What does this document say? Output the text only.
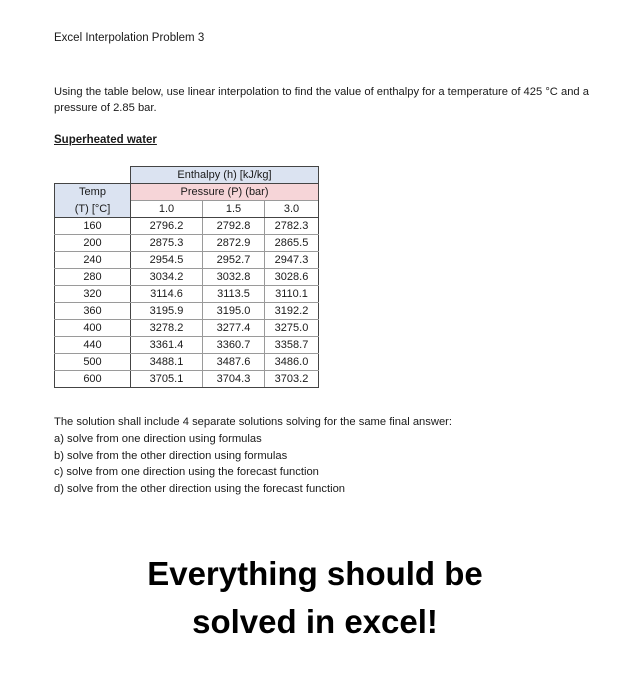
Excel Interpolation Problem 3
Using the table below, use linear interpolation to find the value of enthalpy for a temperature of 425 °C and a pressure of 2.85 bar.
Superheated water
	Enthalpy (h) [kJ/kg]		
Temp	Pressure (P) (bar)		
(T) [°C]	1.0	1.5	3.0
160	2796.2	2792.8	2782.3
200	2875.3	2872.9	2865.5
240	2954.5	2952.7	2947.3
280	3034.2	3032.8	3028.6
320	3114.6	3113.5	3110.1
360	3195.9	3195.0	3192.2
400	3278.2	3277.4	3275.0
440	3361.4	3360.7	3358.7
500	3488.1	3487.6	3486.0
600	3705.1	3704.3	3703.2
The solution shall include 4 separate solutions solving for the same final answer:
a) solve from one direction using formulas
b) solve from the other direction using formulas
c) solve from one direction using the forecast function
d) solve from the other direction using the forecast function
Everything should be
solved in excel!
